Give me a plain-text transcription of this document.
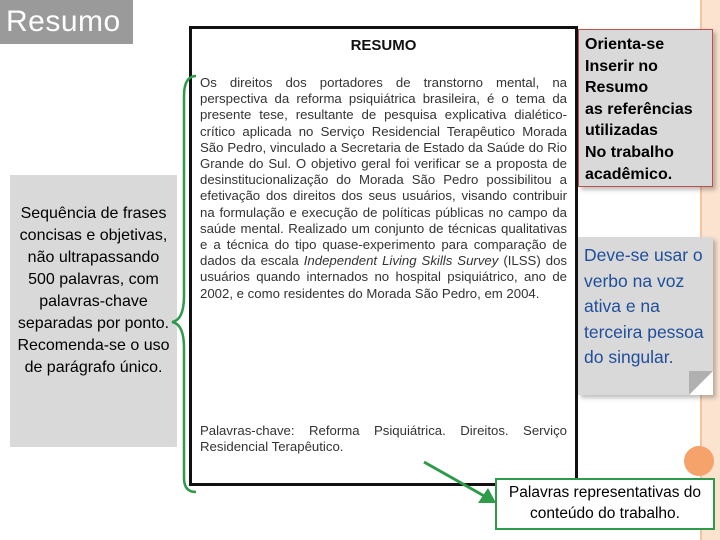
Resumo
Sequência de frases concisas e objetivas, não ultrapassando 500 palavras, com palavras-chave separadas por ponto. Recomenda-se o uso de parágrafo único.
RESUMO
Os direitos dos portadores de transtorno mental, na perspectiva da reforma psiquiátrica brasileira, é o tema da presente tese, resultante de pesquisa explicativa dialético-crítico aplicada no Serviço Residencial Terapêutico Morada São Pedro, vinculado a Secretaria de Estado da Saúde do Rio Grande do Sul. O objetivo geral foi verificar se a proposta de desinstitucionalização do Morada São Pedro possibilitou a efetivação dos direitos dos seus usuários, visando contribuir na formulação e execução de políticas públicas no campo da saúde mental. Realizado um conjunto de técnicas qualitativas e a técnica do tipo quase-experimento para comparação de dados da escala Independent Living Skills Survey (ILSS) dos usuários quando internados no hospital psiquiátrico, ano de 2002, e como residentes do Morada São Pedro, em 2004.
Palavras-chave: Reforma Psiquiátrica. Direitos. Serviço Residencial Terapêutico.
Orienta-se
Inserir no
Resumo
as referências
utilizadas
No trabalho
acadêmico.
Deve-se usar o verbo na voz ativa e na terceira pessoa do singular.
Palavras representativas do conteúdo do trabalho.
